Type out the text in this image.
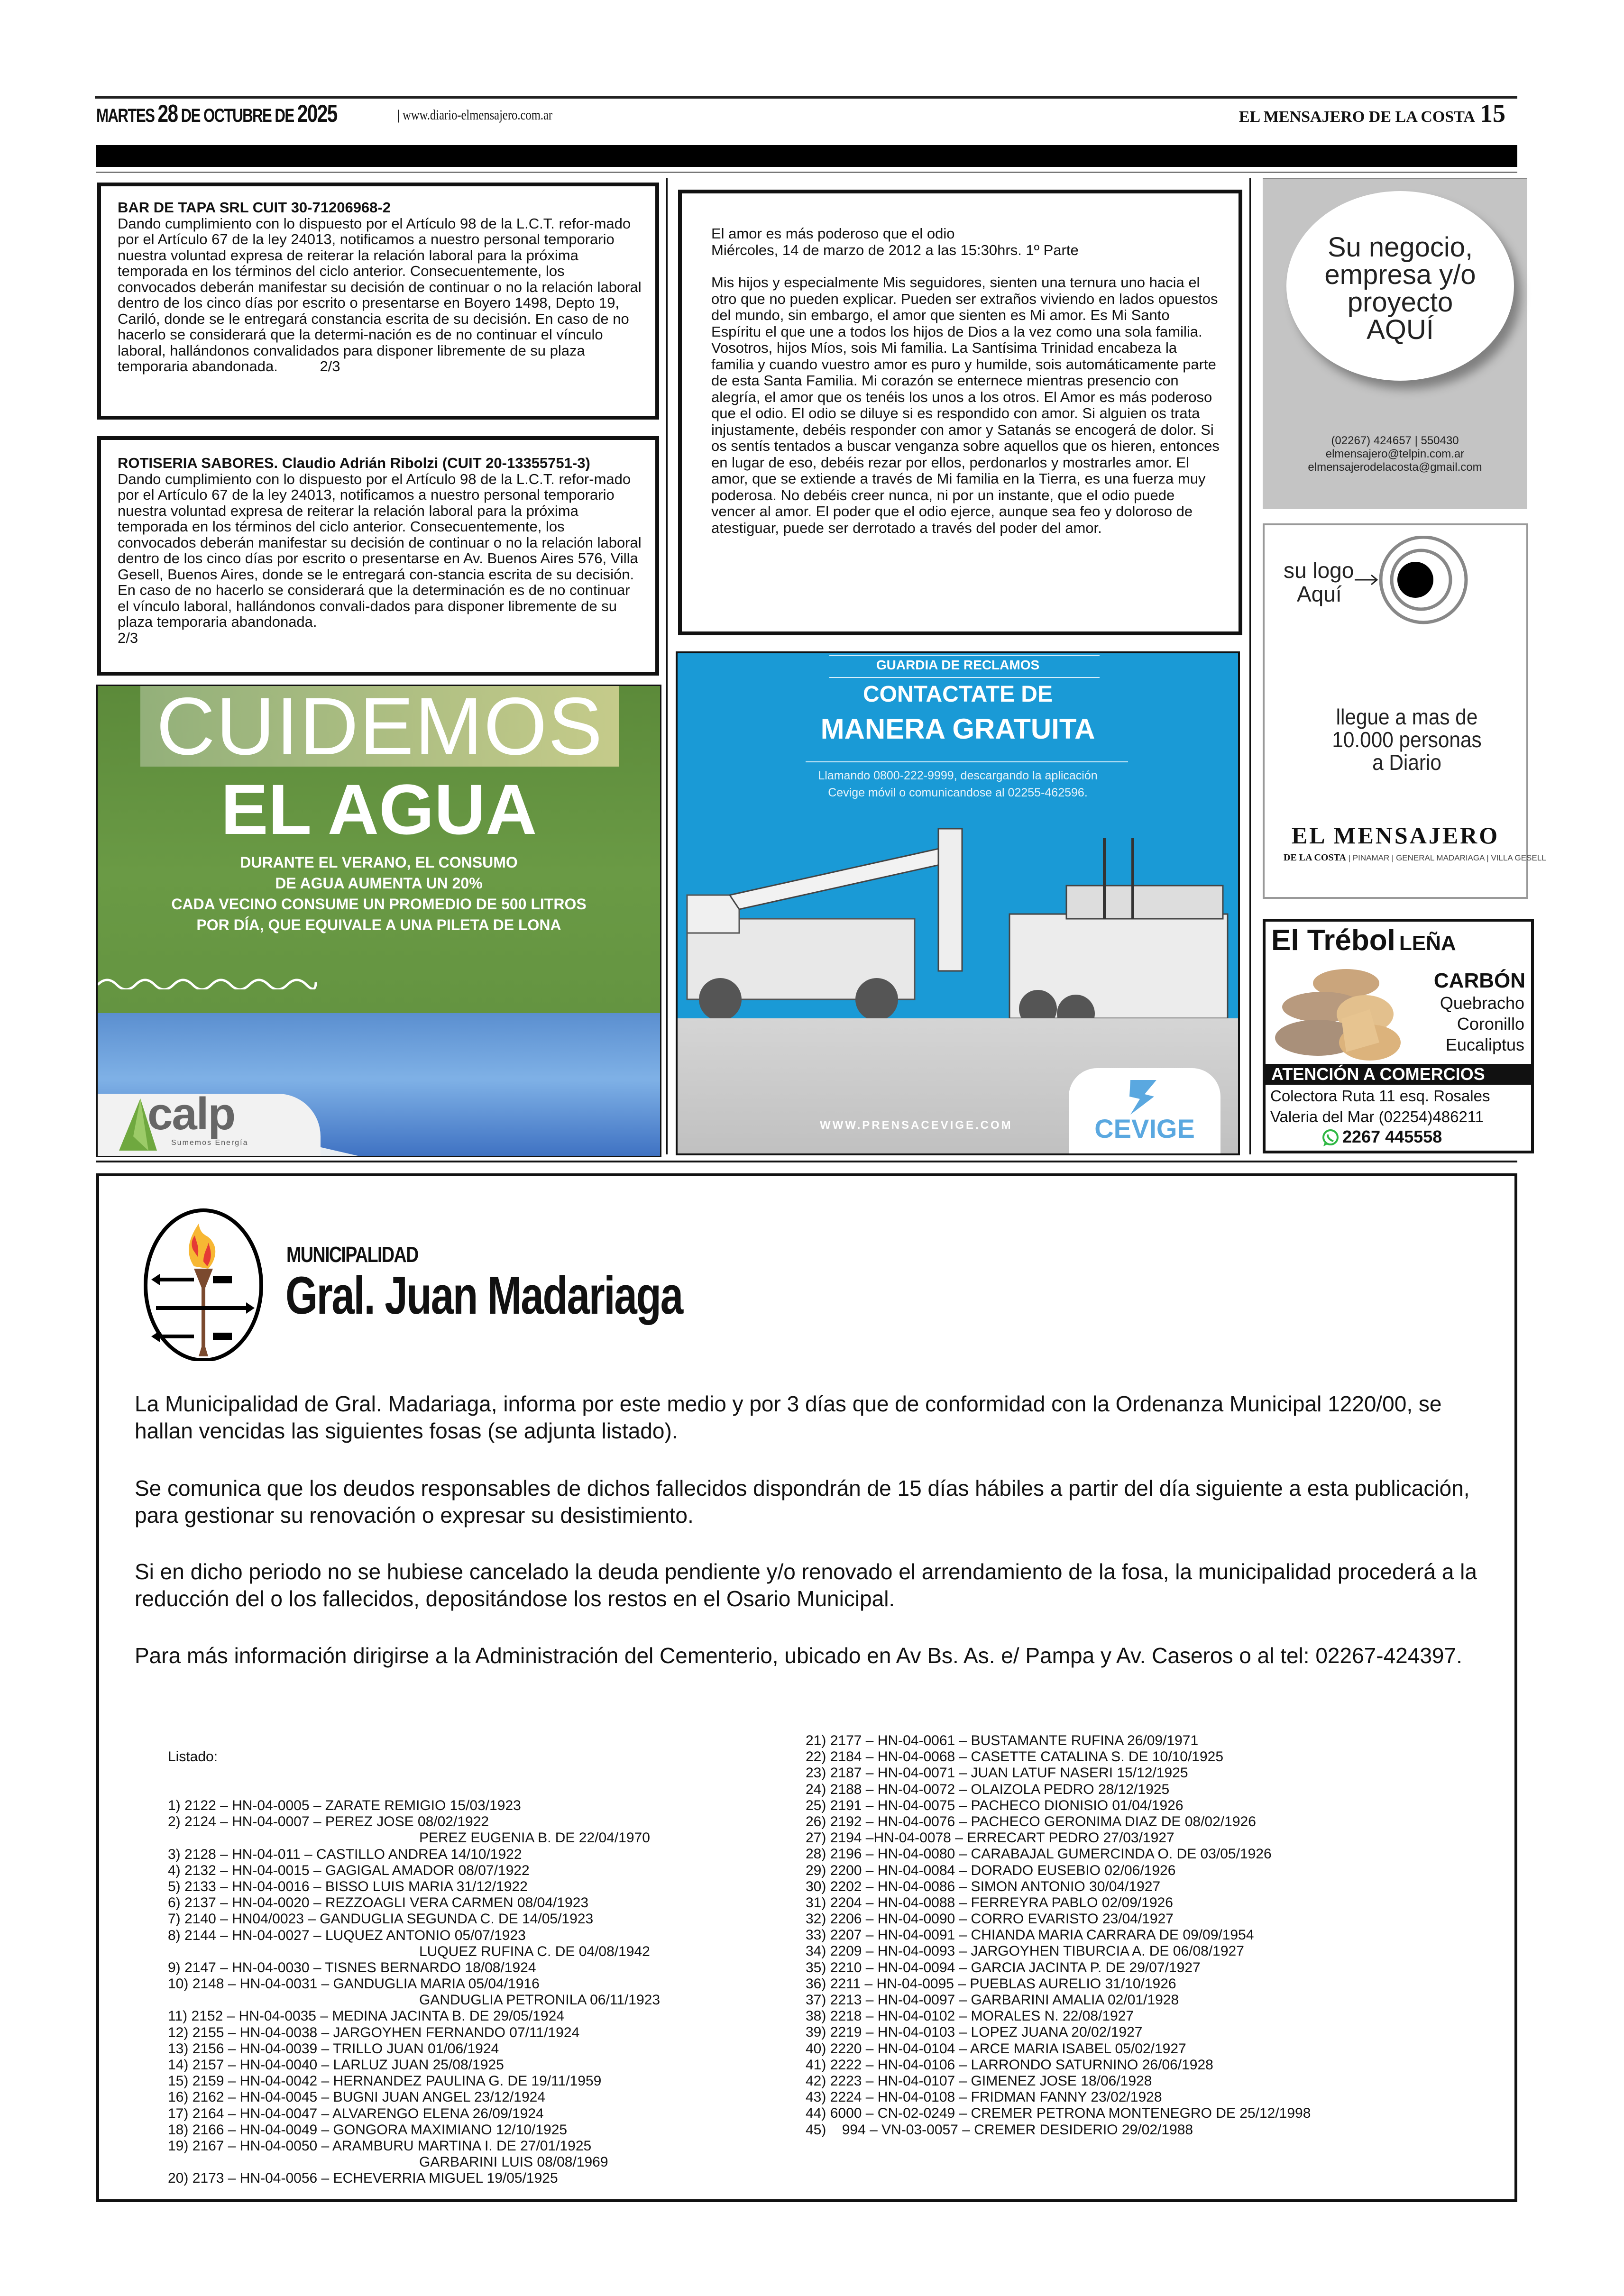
MARTES 28 DE OCTUBRE DE 2025	| www.diario-elmensajero.com.ar	EL MENSAJERO DE LA COSTA 15
BAR DE TAPA SRL CUIT 30-71206968-2
Dando cumplimiento con lo dispuesto por el Artículo 98 de la L.C.T. refor-mado por el Artículo 67 de la ley 24013, notificamos a nuestro personal temporario nuestra voluntad expresa de reiterar la relación laboral para la próxima temporada en los términos del ciclo anterior. Consecuentemente, los convocados deberán manifestar su decisión de continuar o no la relación laboral dentro de los cinco días por escrito o presentarse en Boyero 1498, Depto 19, Cariló, donde se le entregará constancia escrita de su decisión. En caso de no hacerlo se considerará que la determi-nación es de no continuar el vínculo laboral, hallándonos convalidados para disponer libremente de su plaza temporaria abandonada.	2/3
ROTISERIA SABORES. Claudio Adrián Ribolzi (CUIT 20-13355751-3)
Dando cumplimiento con lo dispuesto por el Artículo 98 de la L.C.T. refor-mado por el Artículo 67 de la ley 24013, notificamos a nuestro personal temporario nuestra voluntad expresa de reiterar la relación laboral para la próxima temporada en los términos del ciclo anterior. Consecuentemente, los convocados deberán manifestar su decisión de continuar o no la relación laboral dentro de los cinco días por escrito o presentarse en Av. Buenos Aires 576, Villa Gesell, Buenos Aires, donde se le entregará con-stancia escrita de su decisión. En caso de no hacerlo se considerará que la determinación es de no continuar el vínculo laboral, hallándonos convali-dados para disponer libremente de su plaza temporaria abandonada.
2/3
El amor es más poderoso que el odio
Miércoles, 14 de marzo de 2012 a las 15:30hrs. 1º Parte
Mis hijos y especialmente Mis seguidores, sienten una ternura uno hacia el otro que no pueden explicar. Pueden ser extraños viviendo en lados opuestos del mundo, sin embargo, el amor que sienten es Mi amor. Es Mi Santo Espíritu el que une a todos los hijos de Dios a la vez como una sola familia. Vosotros, hijos Míos, sois Mi familia. La Santísima Trinidad encabeza la familia y cuando vuestro amor es puro y humilde, sois automáticamente parte de esta Santa Familia. Mi corazón se enternece mientras presencio con alegría, el amor que os tenéis los unos a los otros. El Amor es más poderoso que el odio. El odio se diluye si es respondido con amor. Si alguien os trata injustamente, debéis responder con amor y Satanás se encogerá de dolor. Si os sentís tentados a buscar venganza sobre aquellos que os hieren, entonces en lugar de eso, debéis rezar por ellos, perdonarlos y mostrarles amor. El amor, que se extiende a través de Mi familia en la Tierra, es una fuerza muy poderosa. No debéis creer nunca, ni por un instante, que el odio puede vencer al amor. El poder que el odio ejerce, aunque sea feo y doloroso de atestiguar, puede ser derrotado a través del poder del amor.
CUIDEMOS
EL AGUA
DURANTE EL VERANO, EL CONSUMO
DE AGUA AUMENTA UN 20%
CADA VECINO CONSUME UN PROMEDIO DE 500 LITROS
POR DÍA, QUE EQUIVALE A UNA PILETA DE LONA
calp
Sumemos Energía
GUARDIA DE RECLAMOS
CONTACTATE DE
MANERA GRATUITA
Llamando 0800-222-9999, descargando la aplicación
Cevige móvil o comunicandose al 02255-462596.
WWW.PRENSACEVIGE.COM	CEVIGE
Su negocio,
empresa y/o
proyecto
AQUÍ
(02267) 424657 | 550430
elmensajero@telpin.com.ar
elmensajerodelacosta@gmail.com
su logo
Aquí
llegue a mas de
10.000 personas
a Diario
EL MENSAJERO
DE LA COSTA | PINAMAR | GENERAL MADARIAGA | VILLA GESELL
El Trébol LEÑA
CARBÓN
Quebracho
Coronillo
Eucaliptus
ATENCIÓN A COMERCIOS
Colectora Ruta 11 esq. Rosales
Valeria del Mar (02254)486211
2267 445558
MUNICIPALIDAD
Gral. Juan Madariaga
La Municipalidad de Gral. Madariaga, informa por este medio y por 3 días que de conformidad con la Ordenanza Municipal 1220/00, se hallan vencidas las siguientes fosas (se adjunta listado).
Se comunica que los deudos responsables de dichos fallecidos dispondrán de 15 días hábiles a partir del día siguiente a esta publicación, para gestionar su renovación o expresar su desistimiento.
Si en dicho periodo no se hubiese cancelado la deuda pendiente y/o renovado el arrendamiento de la fosa, la municipalidad procederá a la reducción del o los fallecidos, depositándose los restos en el Osario Municipal.
Para más información dirigirse a la Administración del Cementerio, ubicado en Av Bs. As. e/ Pampa y Av. Caseros o al tel: 02267-424397.

Listado:

1) 2122 – HN-04-0005 – ZARATE REMIGIO 15/03/1923
2) 2124 – HN-04-0007 – PEREZ JOSE 08/02/1922
PEREZ EUGENIA B. DE 22/04/1970
3) 2128 – HN-04-011 – CASTILLO ANDREA 14/10/1922
4) 2132 – HN-04-0015 – GAGIGAL AMADOR 08/07/1922
5) 2133 – HN-04-0016 – BISSO LUIS MARIA 31/12/1922
6) 2137 – HN-04-0020 – REZZOAGLI VERA CARMEN 08/04/1923
7) 2140 – HN04/0023 – GANDUGLIA SEGUNDA C. DE 14/05/1923
8) 2144 – HN-04-0027 – LUQUEZ ANTONIO 05/07/1923
LUQUEZ RUFINA C. DE 04/08/1942
9) 2147 – HN-04-0030 – TISNES BERNARDO 18/08/1924
10) 2148 – HN-04-0031 – GANDUGLIA MARIA 05/04/1916
GANDUGLIA PETRONILA 06/11/1923
11) 2152 – HN-04-0035 – MEDINA JACINTA B. DE 29/05/1924
12) 2155 – HN-04-0038 – JARGOYHEN FERNANDO 07/11/1924
13) 2156 – HN-04-0039 – TRILLO JUAN 01/06/1924
14) 2157 – HN-04-0040 – LARLUZ JUAN 25/08/1925
15) 2159 – HN-04-0042 – HERNANDEZ PAULINA G. DE 19/11/1959
16) 2162 – HN-04-0045 – BUGNI JUAN ANGEL 23/12/1924
17) 2164 – HN-04-0047 – ALVARENGO ELENA 26/09/1924
18) 2166 – HN-04-0049 – GONGORA MAXIMIANO 12/10/1925
19) 2167 – HN-04-0050 – ARAMBURU MARTINA I. DE 27/01/1925
GARBARINI LUIS 08/08/1969
20) 2173 – HN-04-0056 – ECHEVERRIA MIGUEL 19/05/1925
21) 2177 – HN-04-0061 – BUSTAMANTE RUFINA 26/09/1971
22) 2184 – HN-04-0068 – CASETTE CATALINA S. DE 10/10/1925
23) 2187 – HN-04-0071 – JUAN LATUF NASERI 15/12/1925
24) 2188 – HN-04-0072 – OLAIZOLA PEDRO 28/12/1925
25) 2191 – HN-04-0075 – PACHECO DIONISIO 01/04/1926
26) 2192 – HN-04-0076 – PACHECO GERONIMA DIAZ DE 08/02/1926
27) 2194 –HN-04-0078 – ERRECART PEDRO 27/03/1927
28) 2196 – HN-04-0080 – CARABAJAL GUMERCINDA O. DE 03/05/1926
29) 2200 – HN-04-0084 – DORADO EUSEBIO 02/06/1926
30) 2202 – HN-04-0086 – SIMON ANTONIO 30/04/1927
31) 2204 – HN-04-0088 – FERREYRA PABLO 02/09/1926
32) 2206 – HN-04-0090 – CORRO EVARISTO 23/04/1927
33) 2207 – HN-04-0091 – CHIANDA MARIA CARRARA DE 09/09/1954
34) 2209 – HN-04-0093 – JARGOYHEN TIBURCIA A. DE 06/08/1927
35) 2210 – HN-04-0094 – GARCIA JACINTA P. DE 29/07/1927
36) 2211 – HN-04-0095 – PUEBLAS AURELIO 31/10/1926
37) 2213 – HN-04-0097 – GARBARINI AMALIA 02/01/1928
38) 2218 – HN-04-0102 – MORALES N. 22/08/1927
39) 2219 – HN-04-0103 – LOPEZ JUANA 20/02/1927
40) 2220 – HN-04-0104 – ARCE MARIA ISABEL 05/02/1927
41) 2222 – HN-04-0106 – LARRONDO SATURNINO 26/06/1928
42) 2223 – HN-04-0107 – GIMENEZ JOSE 18/06/1928
43) 2224 – HN-04-0108 – FRIDMAN FANNY 23/02/1928
44) 6000 – CN-02-0249 – CREMER PETRONA MONTENEGRO DE 25/12/1998
45)    994 – VN-03-0057 – CREMER DESIDERIO 29/02/1988
